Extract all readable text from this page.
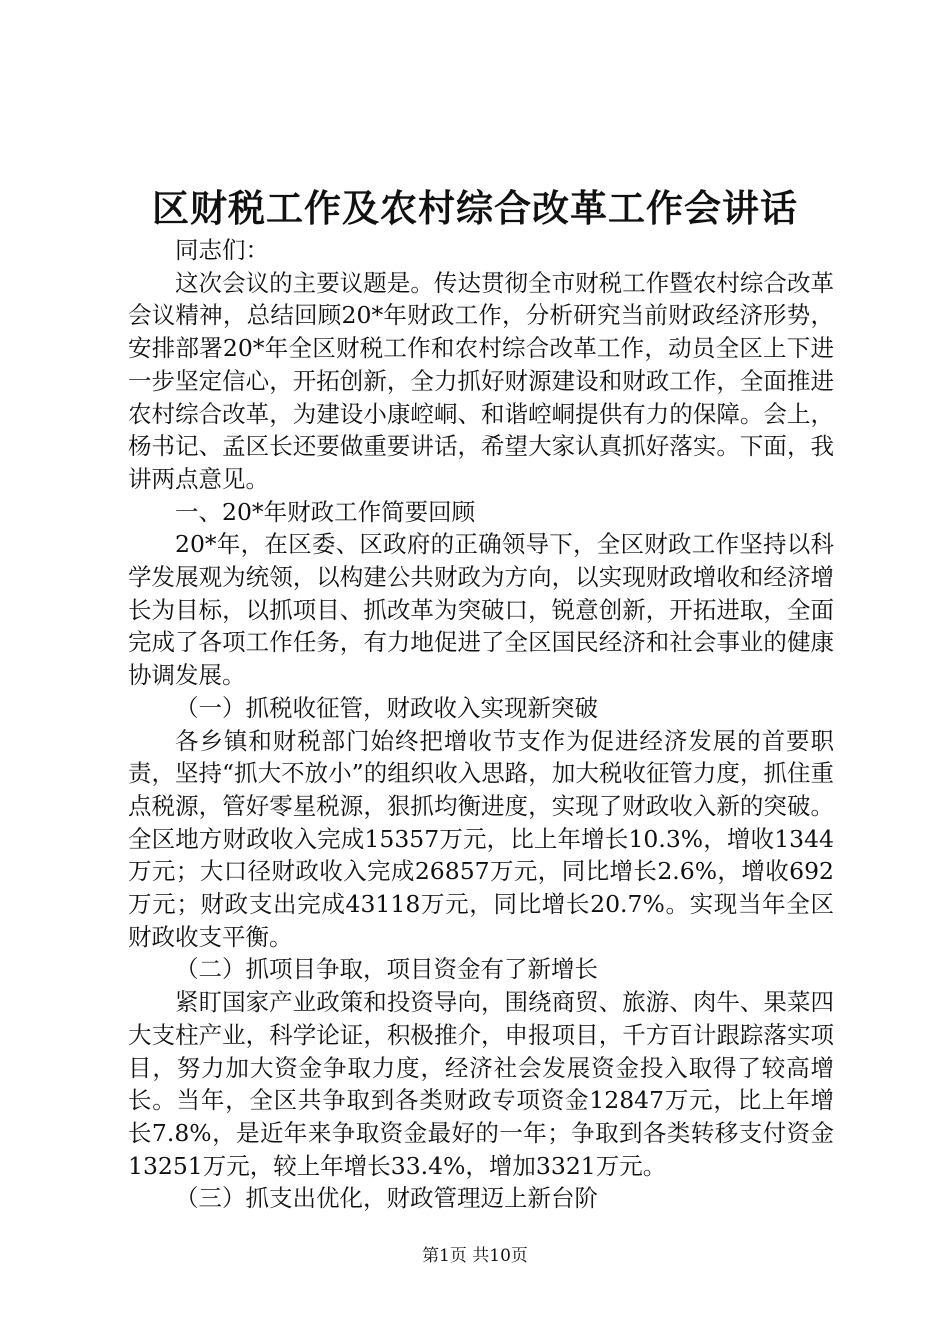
区财税工作及农村综合改革工作会讲话

同志们：

这次会议的主要议题是。传达贯彻全市财税工作暨农村综合改革会议精神，总结回顾20*年财政工作，分析研究当前财政经济形势，安排部署20*年全区财税工作和农村综合改革工作，动员全区上下进一步坚定信心，开拓创新，全力抓好财源建设和财政工作，全面推进农村综合改革，为建设小康崆峒、和谐崆峒提供有力的保障。会上，杨书记、孟区长还要做重要讲话，希望大家认真抓好落实。下面，我讲两点意见。

一、20*年财政工作简要回顾

20*年，在区委、区政府的正确领导下，全区财政工作坚持以科学发展观为统领，以构建公共财政为方向，以实现财政增收和经济增长为目标，以抓项目、抓改革为突破口，锐意创新，开拓进取，全面完成了各项工作任务，有力地促进了全区国民经济和社会事业的健康协调发展。

（一）抓税收征管，财政收入实现新突破

各乡镇和财税部门始终把增收节支作为促进经济发展的首要职责，坚持“抓大不放小”的组织收入思路，加大税收征管力度，抓住重点税源，管好零星税源，狠抓均衡进度，实现了财政收入新的突破。全区地方财政收入完成15357万元，比上年增长10.3%，增收1344万元；大口径财政收入完成26857万元，同比增长2.6%，增收692万元；财政支出完成43118万元，同比增长20.7%。实现当年全区财政收支平衡。

（二）抓项目争取，项目资金有了新增长

紧盯国家产业政策和投资导向，围绕商贸、旅游、肉牛、果菜四大支柱产业，科学论证，积极推介，申报项目，千方百计跟踪落实项目，努力加大资金争取力度，经济社会发展资金投入取得了较高增长。当年，全区共争取到各类财政专项资金12847万元，比上年增长7.8%，是近年来争取资金最好的一年；争取到各类转移支付资金13251万元，较上年增长33.4%，增加3321万元。

（三）抓支出优化，财政管理迈上新台阶

第1页 共10页
